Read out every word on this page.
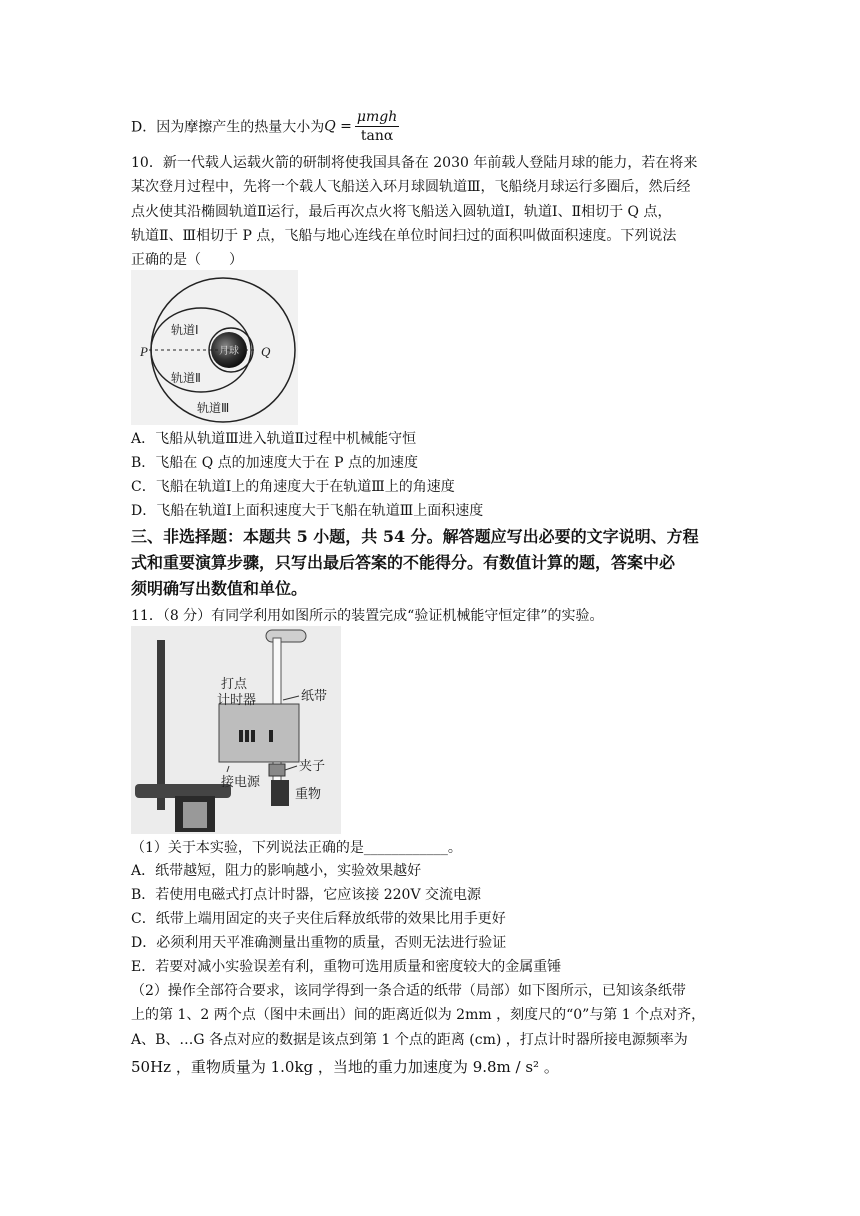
D．因为摩擦产生的热量大小为$Q = \frac{\text{μmgh}}{\tan\alpha}$
10．新一代载人运载火箭的研制将使我国具备在 2030 年前载人登陆月球的能力，若在将来
某次登月过程中，先将一个载人飞船送入环月球圆轨道Ⅲ，飞船绕月球运行多圈后，然后经
点火使其沿椭圆轨道Ⅱ运行，最后再次点火将飞船送入圆轨道Ⅰ，轨道Ⅰ、Ⅱ相切于 Q 点，
轨道Ⅱ、Ⅲ相切于 P 点，飞船与地心连线在单位时间扫过的面积叫做面积速度。下列说法
正确的是（　　）
P	Q
月球
轨道Ⅰ
轨道Ⅱ
轨道Ⅲ
A．飞船从轨道Ⅲ进入轨道Ⅱ过程中机械能守恒
B．飞船在 Q 点的加速度大于在 P 点的加速度
C．飞船在轨道Ⅰ上的角速度大于在轨道Ⅲ上的角速度
D．飞船在轨道Ⅰ上面积速度大于飞船在轨道Ⅲ上面积速度
三、非选择题：本题共 5 小题，共 54 分。解答题应写出必要的文字说明、方程
式和重要演算步骤，只写出最后答案的不能得分。有数值计算的题，答案中必
须明确写出数值和单位。
11．（8 分）有同学利用如图所示的装置完成“验证机械能守恒定律”的实验。
打点
计时器	纸带
夹子
接电源
重物
（1）关于本实验，下列说法正确的是____________。
A．纸带越短，阻力的影响越小，实验效果越好
B．若使用电磁式打点计时器，它应该接 220V 交流电源
C．纸带上端用固定的夹子夹住后释放纸带的效果比用手更好
D．必须利用天平准确测量出重物的质量，否则无法进行验证
E．若要对减小实验误差有利，重物可选用质量和密度较大的金属重锤
（2）操作全部符合要求，该同学得到一条合适的纸带（局部）如下图所示，已知该条纸带
上的第 1、2 两个点（图中未画出）间的距离近似为 2mm ，刻度尺的“0”与第 1 个点对齐，
A、B、…G 各点对应的数据是该点到第 1 个点的距离 (cm) ，打点计时器所接电源频率为
50Hz ，重物质量为 1.0kg ，当地的重力加速度为 9.8m / s² 。
